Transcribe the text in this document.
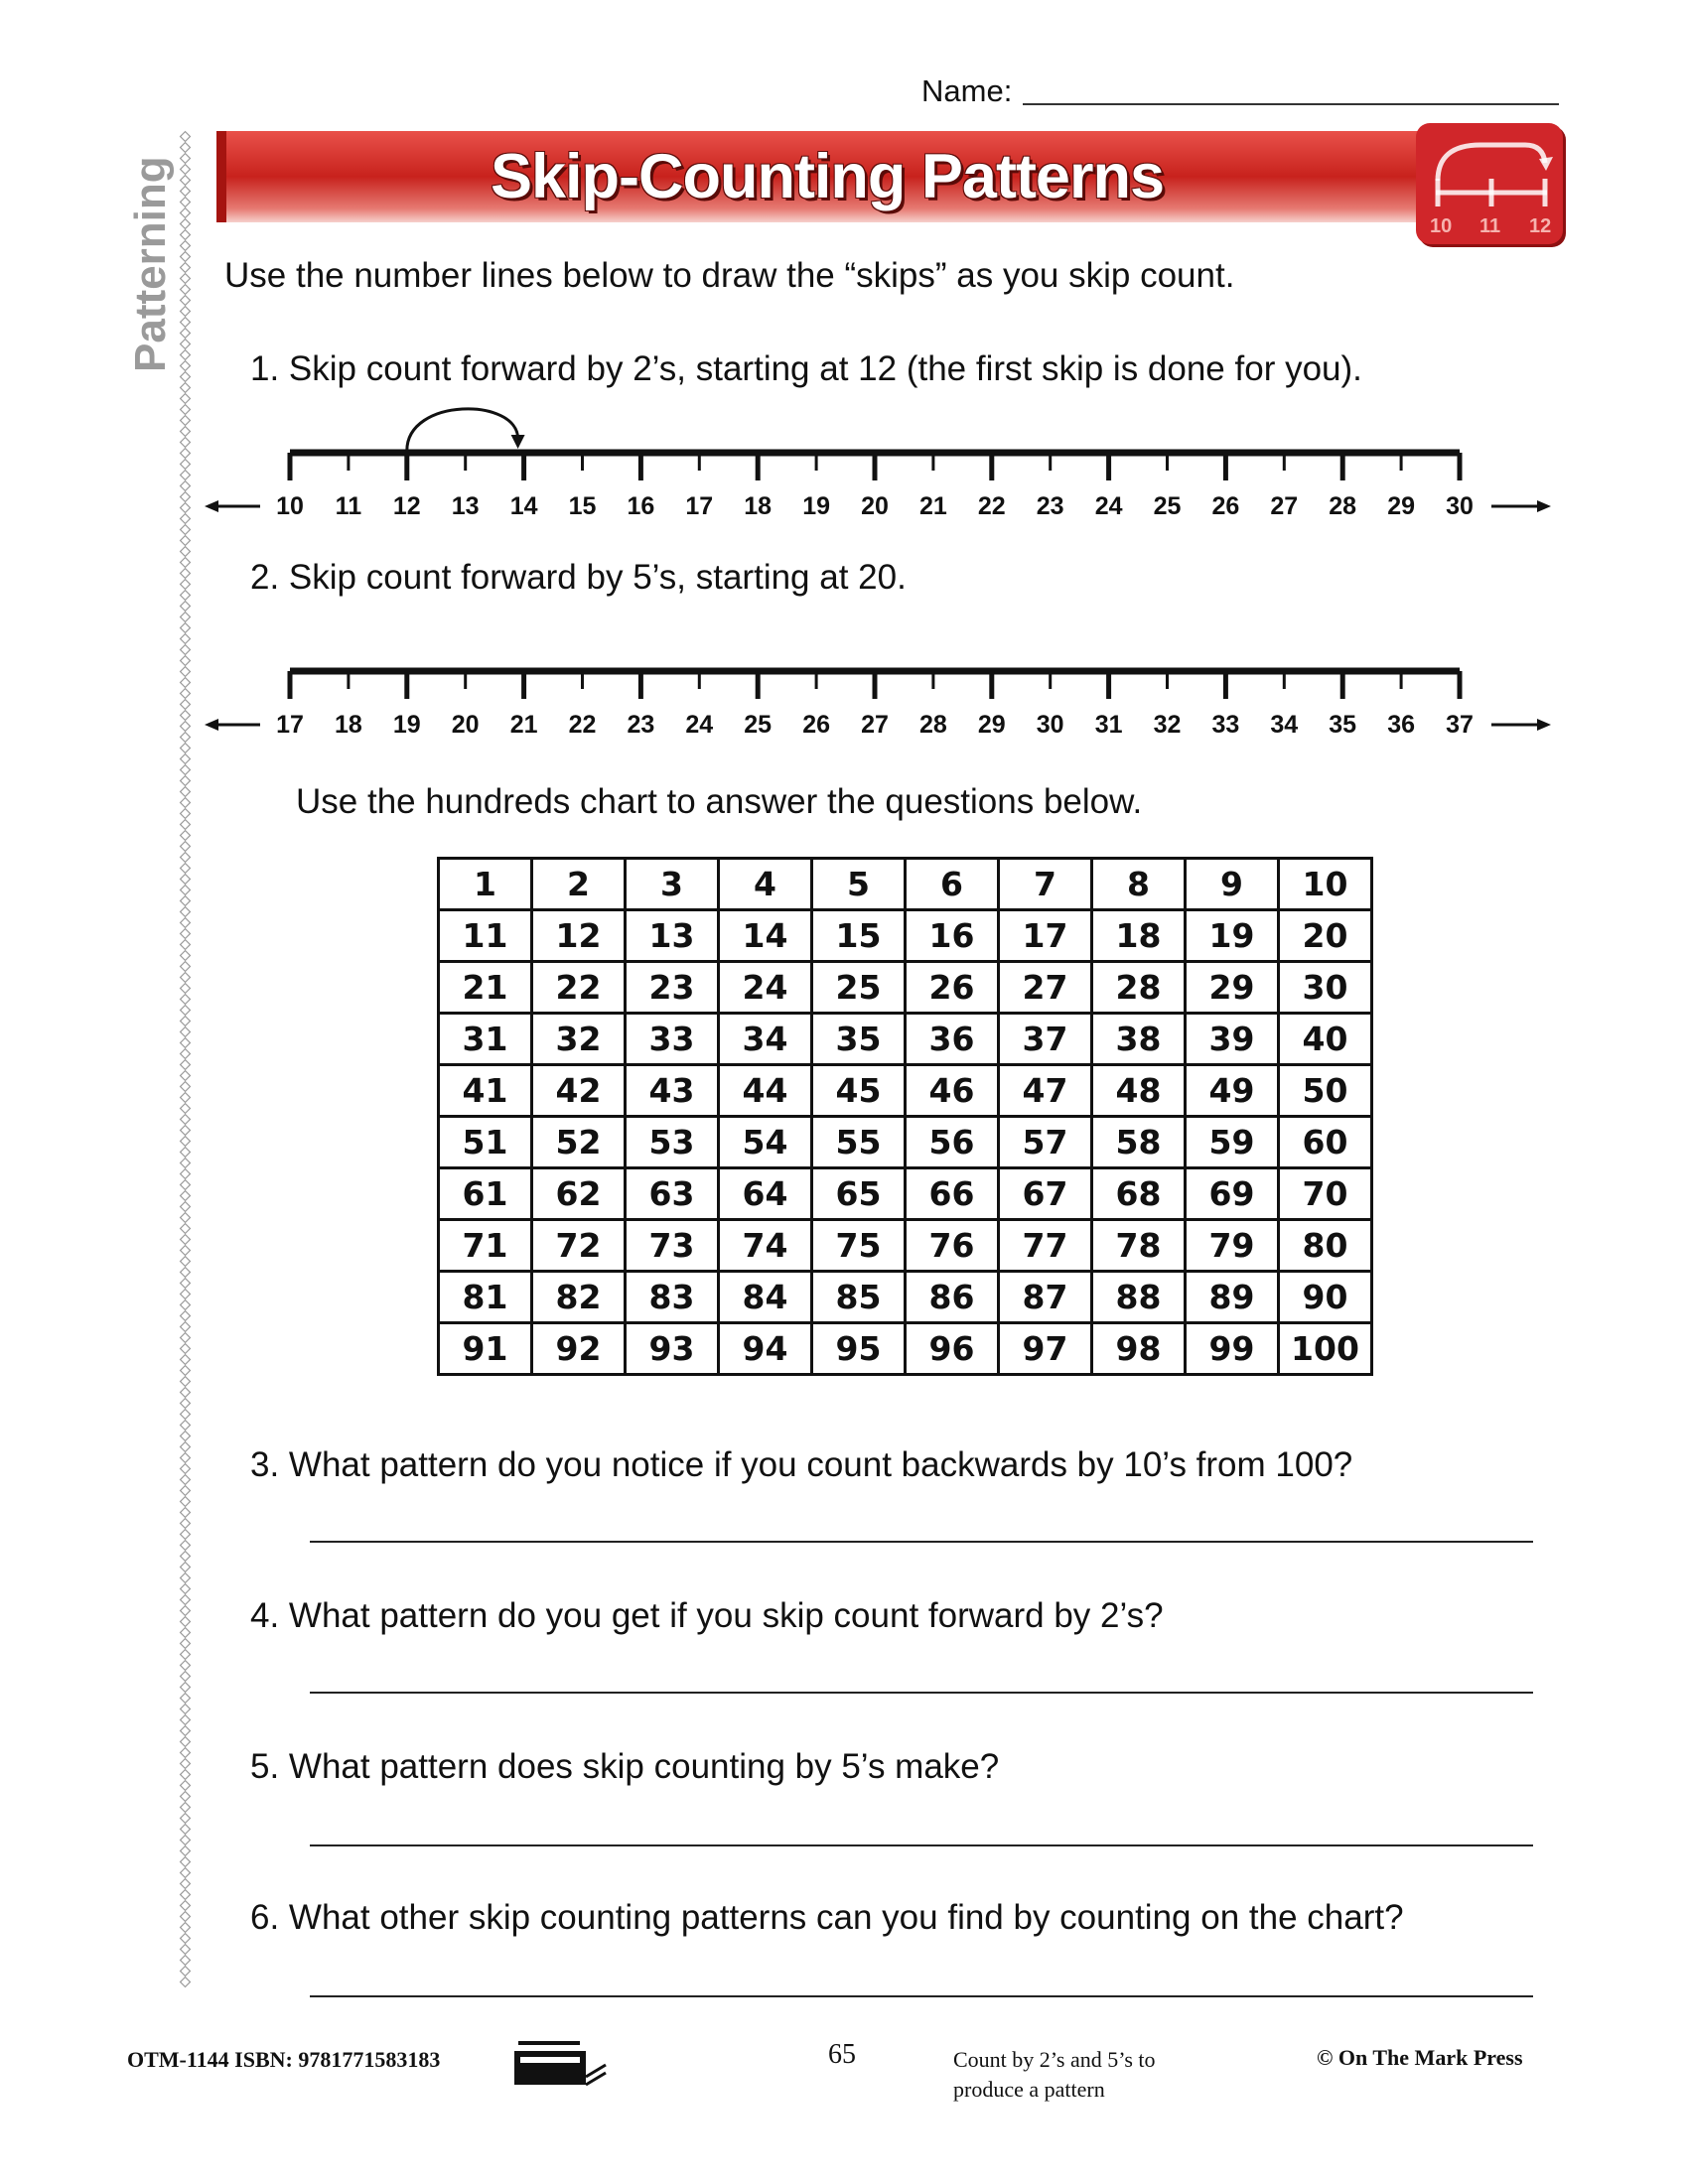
Patterning
Name:
Skip-Counting Patterns
10 11 12
Use the number lines below to draw the “skips” as you skip count.
1. Skip count forward by 2’s, starting at 12 (the first skip is done for you).
10 11 12 13 14 15 16 17 18 19 20 21 22 23 24 25 26 27 28 29 30
2. Skip count forward by 5’s, starting at 20.
17 18 19 20 21 22 23 24 25 26 27 28 29 30 31 32 33 34 35 36 37
Use the hundreds chart to answer the questions below.
1	2	3	4	5	6	7	8	9	10
11	12	13	14	15	16	17	18	19	20
21	22	23	24	25	26	27	28	29	30
31	32	33	34	35	36	37	38	39	40
41	42	43	44	45	46	47	48	49	50
51	52	53	54	55	56	57	58	59	60
61	62	63	64	65	66	67	68	69	70
71	72	73	74	75	76	77	78	79	80
81	82	83	84	85	86	87	88	89	90
91	92	93	94	95	96	97	98	99	100
3. What pattern do you notice if you count backwards by 10’s from 100?
4. What pattern do you get if you skip count forward by 2’s?
5. What pattern does skip counting by 5’s make?
6. What other skip counting patterns can you find by counting on the chart?
OTM-1144 ISBN: 9781771583183	65	Count by 2’s and 5’s to
produce a pattern
© On The Mark Press
